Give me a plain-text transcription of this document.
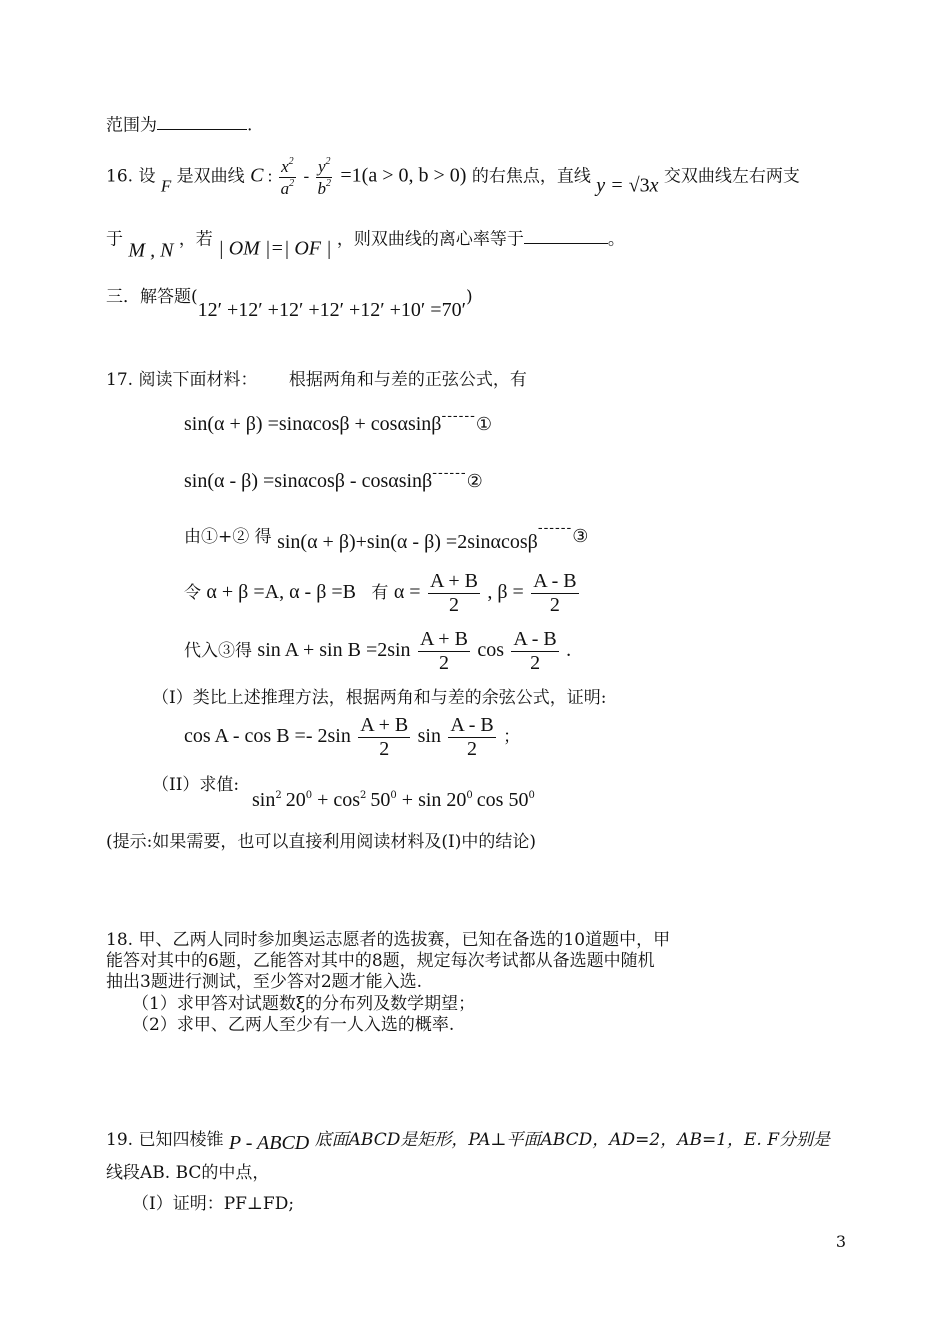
范围为	.
16. 设 F 是双曲线 C : $\frac{x^2}{a^2} - \frac{y^2}{b^2} =1(a > 0$, b > 0) 的右焦点，直线 y = √3x 交双曲线左右两支
于 M , N ，若 | OM |=| OF | ，则双曲线的离心率等于	。
三．解答题(12′ +12′ +12′ +12′ +12′ +10′ =70′)
17. 阅读下面材料： 根据两角和与差的正弦公式，有
sin(α + β) =sinαcosβ + cosαsinβ------①
sin(α - β) =sinαcosβ - cosαsinβ------②
由①+② 得 sin(α + β)+sin(α - β) =2sinαcosβ------③
令 α + β =A, α - β =B 有 $\alpha = \frac{A + B}{2}$ , $\beta = \frac{A - B}{2}$
代入③得 $\sin A + \sin B =2\sin \frac{A + B}{2}$ $\cos \frac{A - B}{2}$ .
（I）类比上述推理方法，根据两角和与差的余弦公式，证明:
$\cos A - \cos B =- 2\sin \frac{A + B}{2}$ $\sin \frac{A - B}{2}$ ；
（II）求值:
$\sin^2 20^0 + \cos^2 50^0 + \sin 20^0$ $\cos 50^0$
(提示:如果需要，也可以直接利用阅读材料及(I)中的结论)
18. 甲、乙两人同时参加奥运志愿者的选拔赛，已知在备选的10道题中，甲
能答对其中的6题，乙能答对其中的8题，规定每次考试都从备选题中随机
抽出3题进行测试，至少答对2题才能入选.
（1）求甲答对试题数ξ的分布列及数学期望；
（2）求甲、乙两人至少有一人入选的概率.
19. 已知四棱锥 P - ABCD 底面ABCD是矩形，PA⊥平面ABCD，AD=2，AB=1，E. F分别是
线段AB. BC的中点，
（I）证明：PF⊥FD;
3
